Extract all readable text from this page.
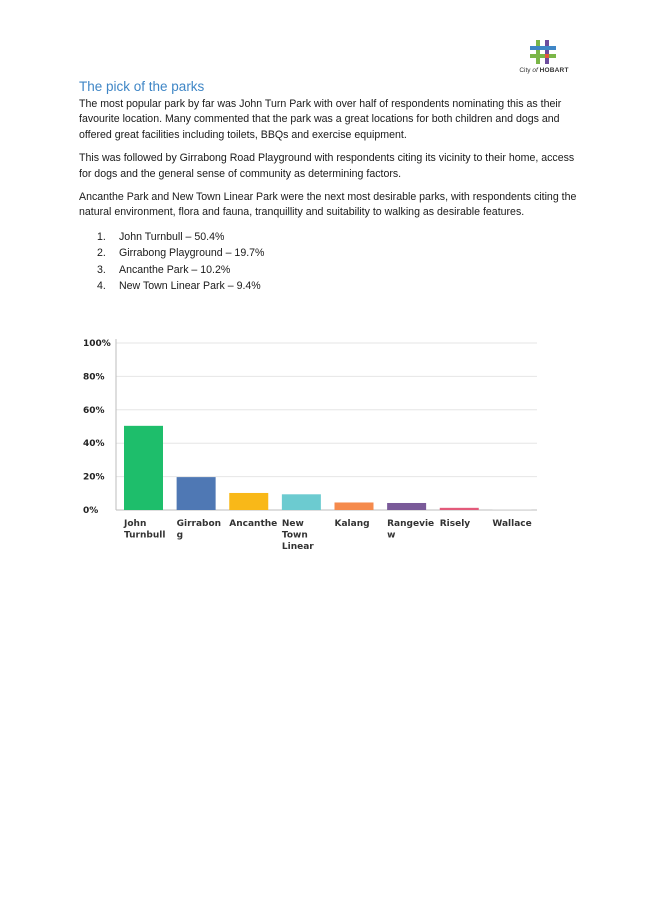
City of HOBART
The pick of the parks

The most popular park by far was John Turn Park with over half of respondents nominating this as their favourite location. Many commented that the park was a great locations for both children and dogs and offered great facilities including toilets, BBQs and exercise equipment.

This was followed by Girrabong Road Playground with respondents citing its vicinity to their home, access for dogs and the general sense of community as determining factors.

Ancanthe Park and New Town Linear Park were the next most desirable parks, with respondents citing the natural environment, flora and fauna, tranquillity and suitability to walking as desirable features.

1.	John Turnbull – 50.4%
2.	Girrabong Playground – 19.7%
3.	Ancanthe Park – 10.2%
4.	New Town Linear Park – 9.4%
0%
20%
40%
60%
80%
100%
John Turnbull
Girrabon g
Ancanthe New Town Linear
Kalang Rangevie w
Risely Wallace
